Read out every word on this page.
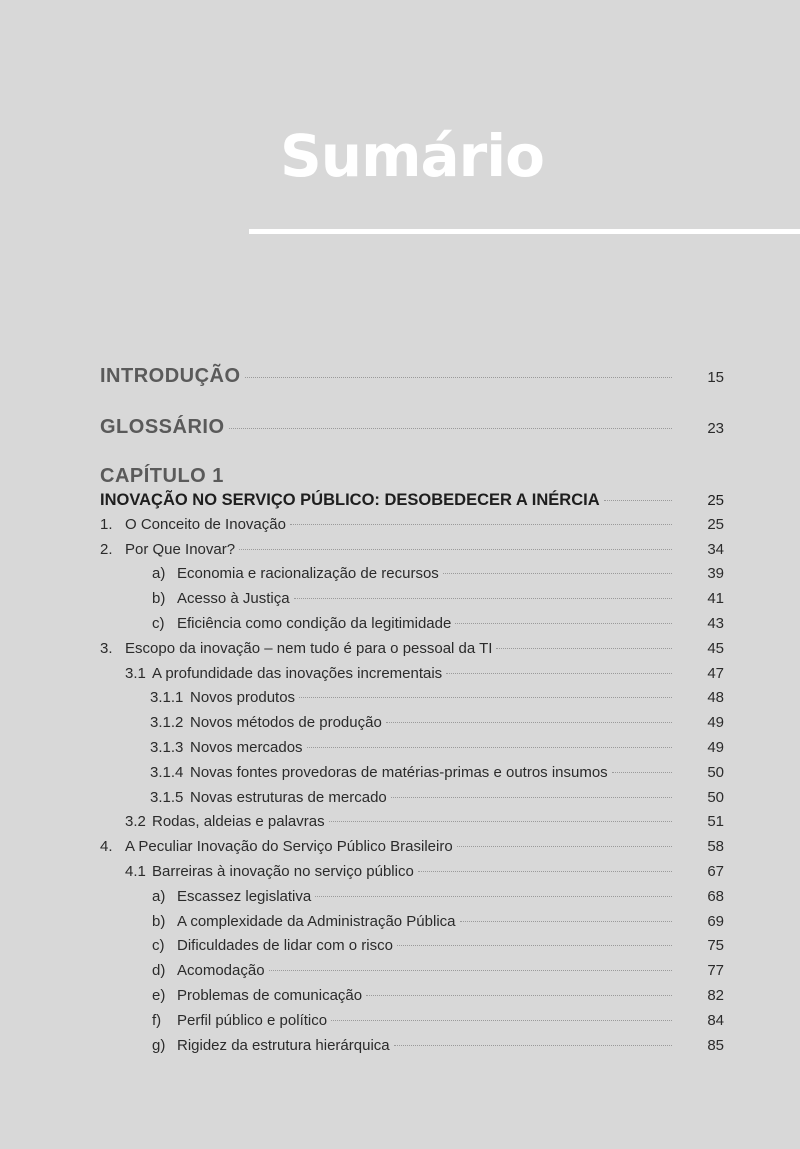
Sumário
INTRODUÇÃO	15
GLOSSÁRIO	23
CAPÍTULO 1
INOVAÇÃO NO SERVIÇO PÚBLICO: DESOBEDECER A INÉRCIA	25
1. O Conceito de Inovação	25
2. Por Que Inovar?	34
a) Economia e racionalização de recursos	39
b) Acesso à Justiça	41
c) Eficiência como condição da legitimidade	43
3. Escopo da inovação – nem tudo é para o pessoal da TI	45
3.1 A profundidade das inovações incrementais	47
3.1.1 Novos produtos	48
3.1.2 Novos métodos de produção	49
3.1.3 Novos mercados	49
3.1.4 Novas fontes provedoras de matérias-primas e outros insumos	50
3.1.5 Novas estruturas de mercado	50
3.2 Rodas, aldeias e palavras	51
4. A Peculiar Inovação do Serviço Público Brasileiro	58
4.1 Barreiras à inovação no serviço público	67
a) Escassez legislativa	68
b) A complexidade da Administração Pública	69
c) Dificuldades de lidar com o risco	75
d) Acomodação	77
e) Problemas de comunicação	82
f)	Perfil público e político	84
g) Rigidez da estrutura hierárquica	85
